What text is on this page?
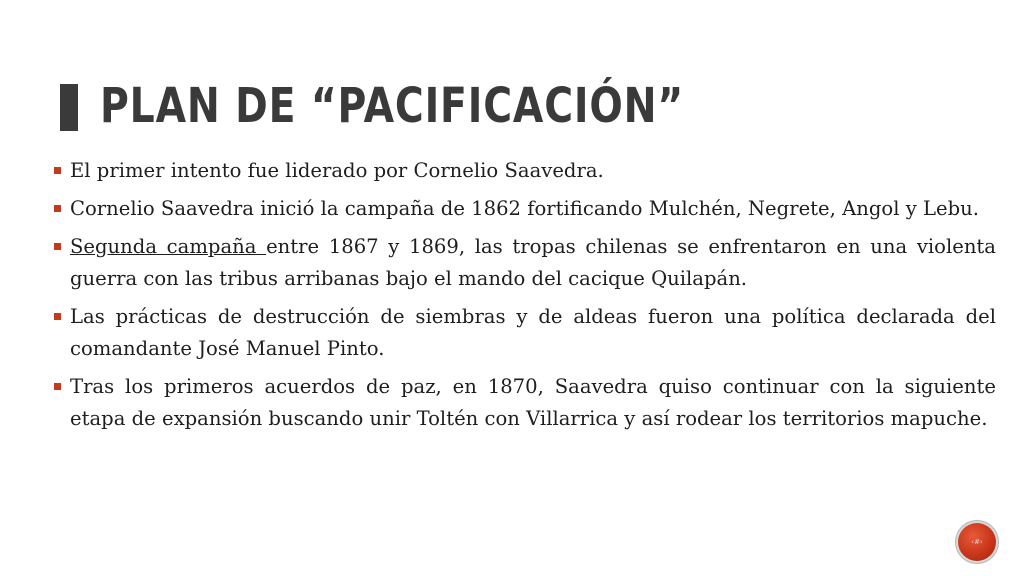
PLAN DE “PACIFICACIÓN”
El primer intento fue liderado por Cornelio Saavedra.
Cornelio Saavedra inició la campaña de 1862 fortificando Mulchén, Negrete, Angol y Lebu.
Segunda campaña entre 1867 y 1869, las tropas chilenas se enfrentaron en una violenta guerra con las tribus arribanas bajo el mando del cacique Quilapán.
Las prácticas de destrucción de siembras y de aldeas fueron una política declarada del comandante José Manuel Pinto.
Tras los primeros acuerdos de paz, en 1870, Saavedra quiso continuar con la siguiente etapa de expansión buscando unir Toltén con Villarrica y así rodear los territorios mapuche.
‹#›
